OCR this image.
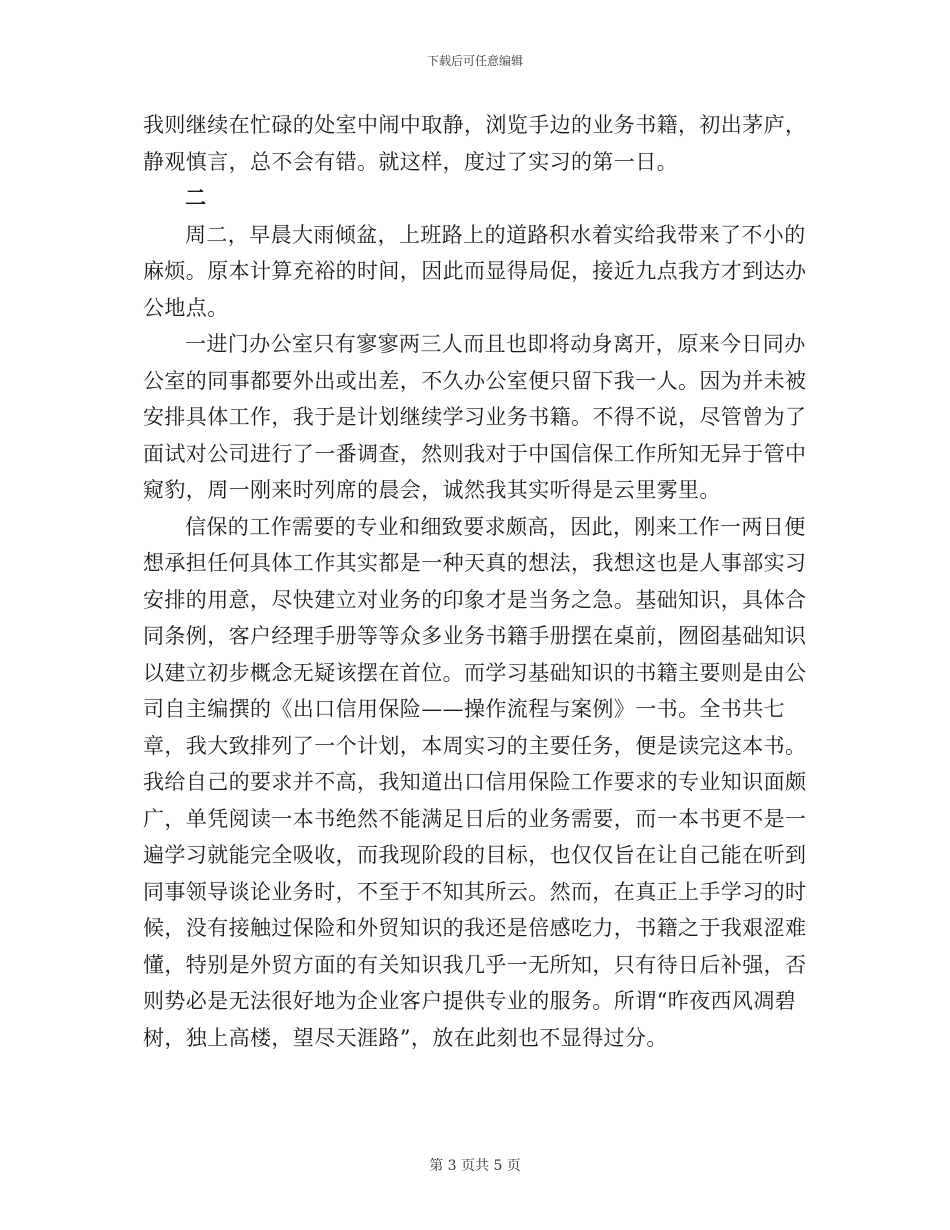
下载后可任意编辑

我则继续在忙碌的处室中闹中取静，浏览手边的业务书籍，初出茅庐，静观慎言，总不会有错。就这样，度过了实习的第一日。

二

周二，早晨大雨倾盆，上班路上的道路积水着实给我带来了不小的麻烦。原本计算充裕的时间，因此而显得局促，接近九点我方才到达办公地点。

一进门办公室只有寥寥两三人而且也即将动身离开，原来今日同办公室的同事都要外出或出差，不久办公室便只留下我一人。因为并未被安排具体工作，我于是计划继续学习业务书籍。不得不说，尽管曾为了面试对公司进行了一番调查，然则我对于中国信保工作所知无异于管中窥豹，周一刚来时列席的晨会，诚然我其实听得是云里雾里。

信保的工作需要的专业和细致要求颇高，因此，刚来工作一两日便想承担任何具体工作其实都是一种天真的想法，我想这也是人事部实习安排的用意，尽快建立对业务的印象才是当务之急。基础知识，具体合同条例，客户经理手册等等众多业务书籍手册摆在桌前，囫囵基础知识以建立初步概念无疑该摆在首位。而学习基础知识的书籍主要则是由公司自主编撰的《出口信用保险——操作流程与案例》一书。全书共七章，我大致排列了一个计划，本周实习的主要任务，便是读完这本书。我给自己的要求并不高，我知道出口信用保险工作要求的专业知识面颇广，单凭阅读一本书绝然不能满足日后的业务需要，而一本书更不是一遍学习就能完全吸收，而我现阶段的目标，也仅仅旨在让自己能在听到同事领导谈论业务时，不至于不知其所云。然而，在真正上手学习的时候，没有接触过保险和外贸知识的我还是倍感吃力，书籍之于我艰涩难懂，特别是外贸方面的有关知识我几乎一无所知，只有待日后补强，否则势必是无法很好地为企业客户提供专业的服务。所谓“昨夜西风凋碧树，独上高楼，望尽天涯路”，放在此刻也不显得过分。

第 3 页共 5 页
